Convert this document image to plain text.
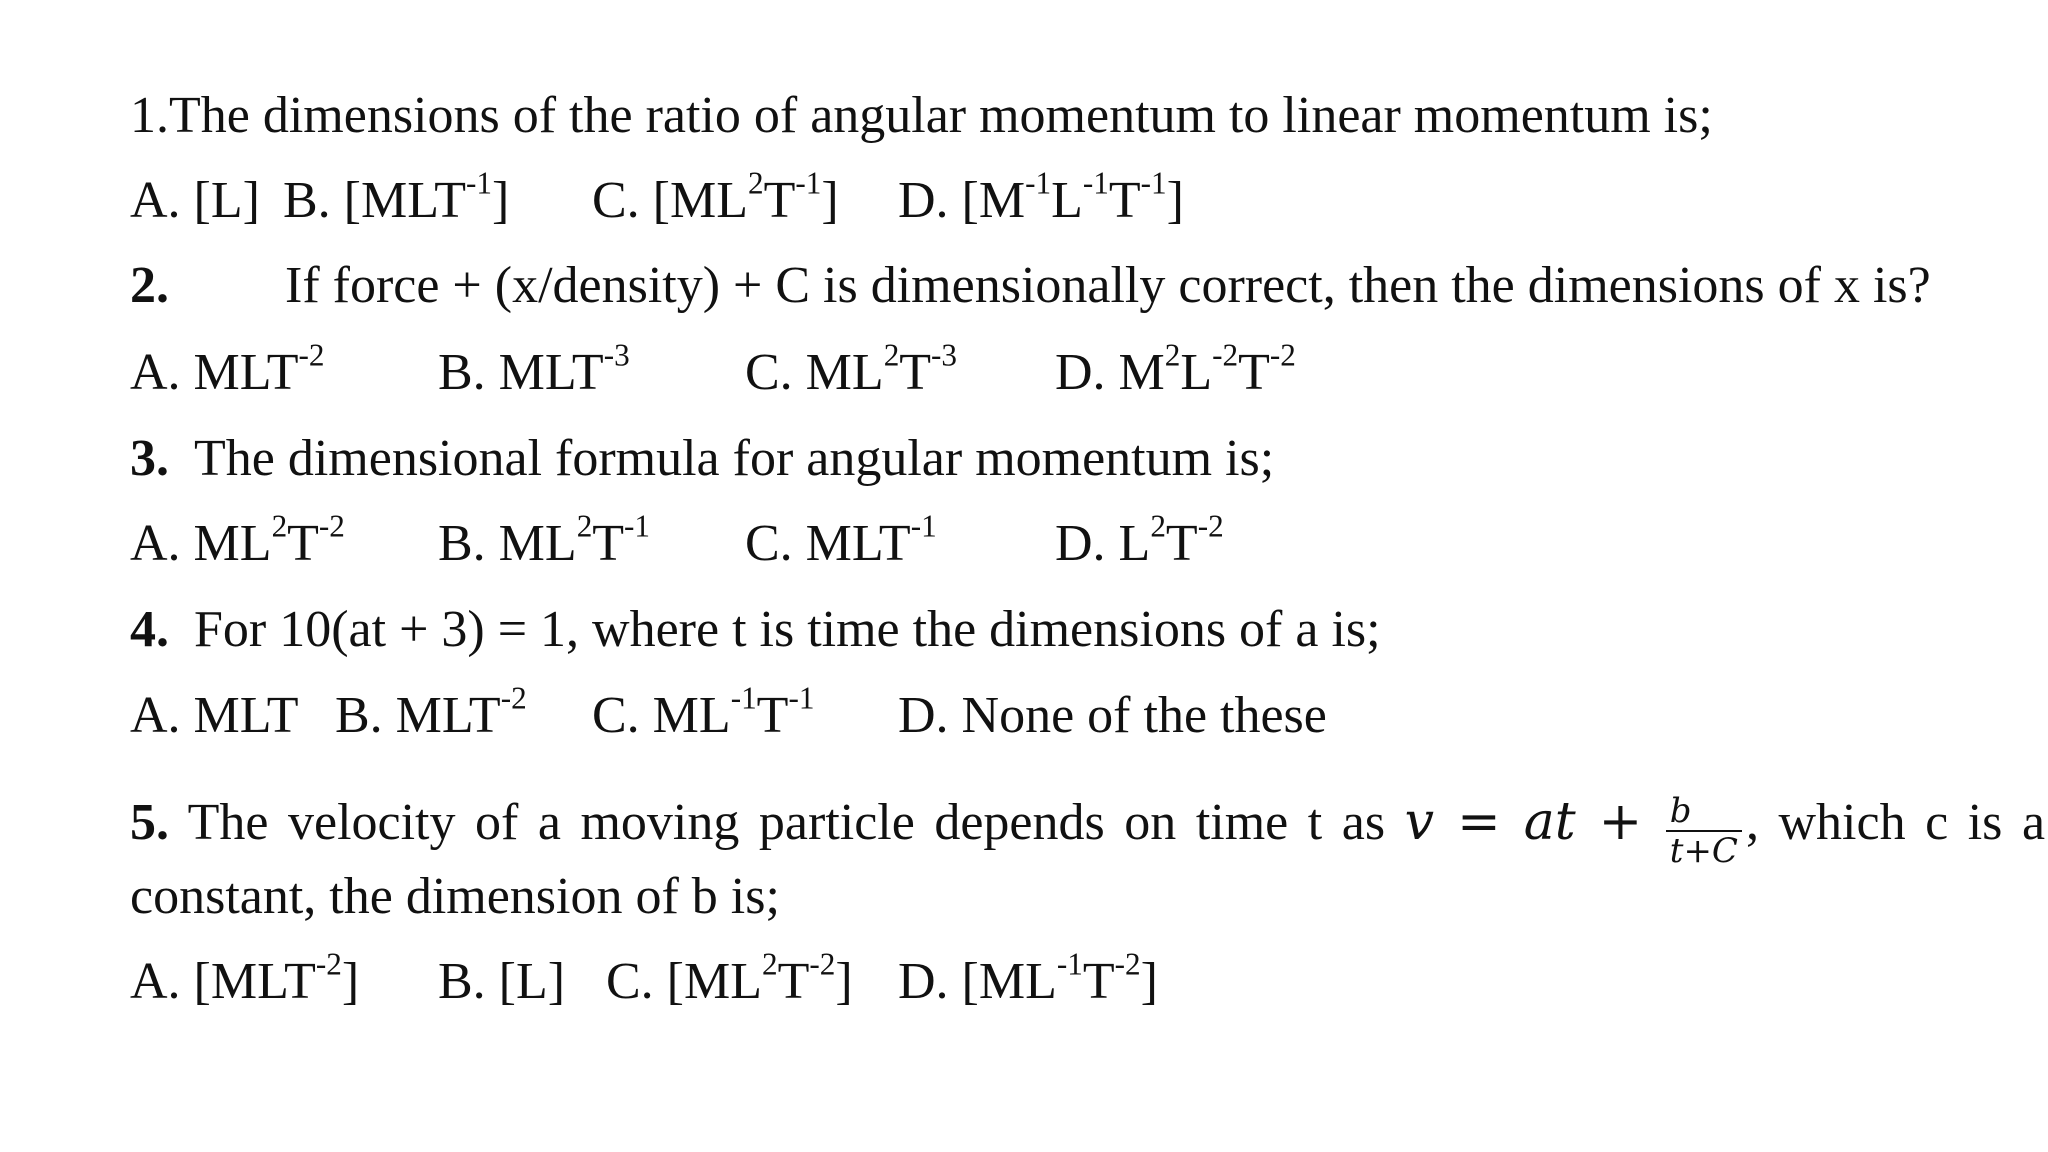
1.The dimensions of the ratio of angular momentum to linear momentum is;

A. [L] B. $[MLT^{-1}]$ C. $[ML^2T^{-1}]$ D. $[M^{-1}L^{-1}T^{-1}]$
2. If force + (x/density) + C is dimensionally correct, then the dimensions of x is?
A. $MLT^{-2}$ B. $MLT^{-3}$ C. $ML^2T^{-3}$ D. $M^2L^{-2}T^{-2}$
3. The dimensional formula for angular momentum is;
A. $ML^2T^{-2}$ B. $ML^2T^{-1}$ C. $MLT^{-1}$ D. $L^2T^{-2}$
4. For 10(at + 3) = 1, where t is time the dimensions of a is;
A. MLT B. $MLT^{-2}$ C. $ML^{-1}T^{-1}$ D. None of the these
5. The velocity of a moving particle depends on time t as v = at + $\frac{b}{t+C}$ , which c is a

constant, the dimension of b is;

A. $[MLT^{-2}]$ B. [L] C. $[ML^2T^{-2}]$ D. $[ML^{-1}T^{-2}]$
